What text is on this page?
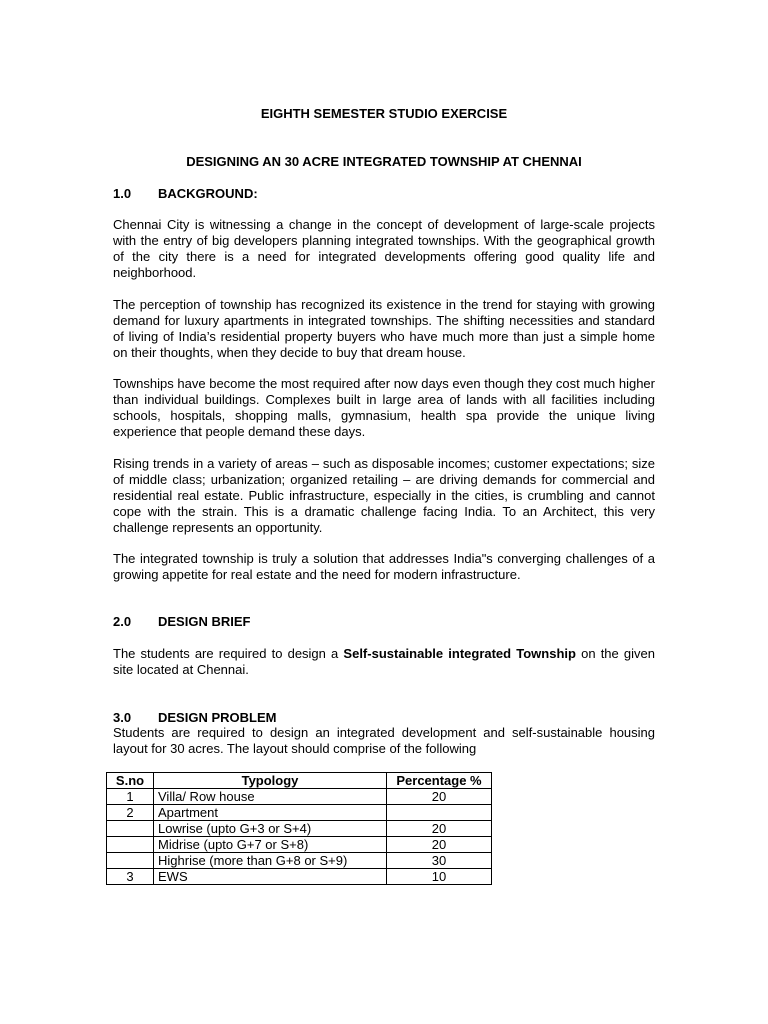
EIGHTH SEMESTER STUDIO EXERCISE
DESIGNING AN 30 ACRE INTEGRATED TOWNSHIP AT CHENNAI
1.0 BACKGROUND:

Chennai City is witnessing a change in the concept of development of large-scale projects with the entry of big developers planning integrated townships. With the geographical growth of the city there is a need for integrated developments offering good quality life and neighborhood.

The perception of township has recognized its existence in the trend for staying with growing demand for luxury apartments in integrated townships. The shifting necessities and standard of living of India’s residential property buyers who have much more than just a simple home on their thoughts, when they decide to buy that dream house.

Townships have become the most required after now days even though they cost much higher than individual buildings. Complexes built in large area of lands with all facilities including schools, hospitals, shopping malls, gymnasium, health spa provide the unique living experience that people demand these days.

Rising trends in a variety of areas – such as disposable incomes; customer expectations; size of middle class; urbanization; organized retailing – are driving demands for commercial and residential real estate. Public infrastructure, especially in the cities, is crumbling and cannot cope with the strain. This is a dramatic challenge facing India. To an Architect, this very challenge represents an opportunity.

The integrated township is truly a solution that addresses India"s converging challenges of a growing appetite for real estate and the need for modern infrastructure.

2.0 DESIGN BRIEF

The students are required to design a Self-sustainable integrated Township on the given site located at Chennai.

3.0 DESIGN PROBLEM

Students are required to design an integrated development and self-sustainable housing layout for 30 acres. The layout should comprise of the following

S.no	Typology	Percentage %
1	Villa/ Row house	20
2	Apartment	
	Lowrise (upto G+3 or S+4)	20
	Midrise (upto G+7 or S+8)	20
	Highrise (more than G+8 or S+9)	30
3	EWS	10
